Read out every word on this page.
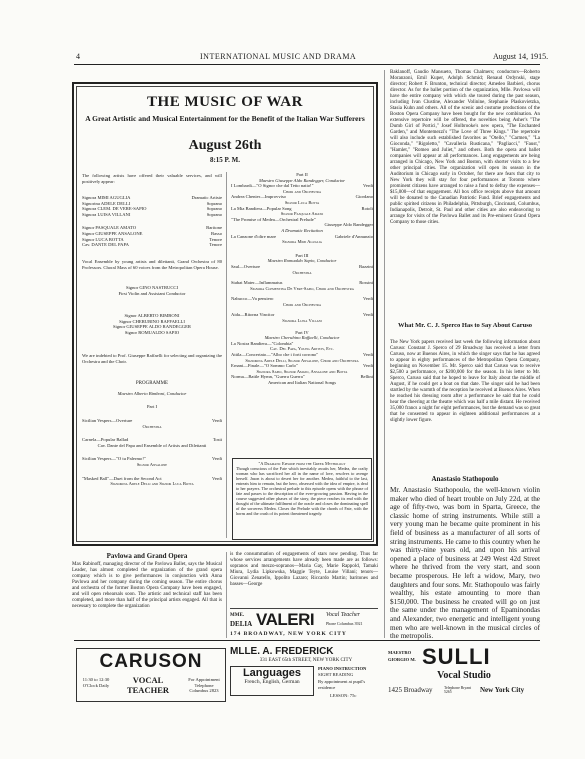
4	INTERNATIONAL MUSIC AND DRAMA	August 14, 1915.
THE MUSIC OF WAR
A Great Artistic and Musical Entertainment for the Benefit of the Italian War Sufferers
August 26th
8:15 P. M.
The following artists have offered their valuable services, and will positively appear:
Signora MIMI AGUGLIA	Dramatic Artiste
Signorina ADELE DELLI	Soprano
Signora CLEM. DE VERE-SAPIO	Soprano
Signora LUISA VILLANI	Soprano
Signor PASQUALE AMATO	Baritone
Signor GIUSEPPE ANSALONE	Basso
Signor LUCA BOTTA	Tenore
Cav. DANTE DEL PAPA	Tenore
Vocal Ensemble by young artists and dilettanti, Grand Orchestra of 80 Professors. Choral Mass of 60 voices from the Metropolitan Opera House.
Signor GINO NASTRUCCI
First Violin and Assistant Conductor
Signor ALBERTO BIMBONI
Signor CHERUBINO RAFFAELLI
Signor GIUSEPPE ALDO RANDEGGER
Signor ROMUALDO SAPIO
We are indebted to Prof. Giuseppe Raffaelli for selecting and organizing the Orchestra and the Choir.
PROGRAMME
Maestro Alberto Bimboni, Conductor
Part I
Sicilian Vespers—Overture	Verdi
Orchestra
Carnela—Popular Ballad	Tosti
Cav. Dante del Papa and Ensemble of Artists and Dilettanti
Sicilian Vespers—"O tu Palermo!"	Verdi
Signor Ansalone
"Masked Ball"—Duet from the Second Act	Verdi
Signorina Adele Delli and Signor Luca Botta
Part II
Maestro Giuseppe Aldo Randegger, Conductor
I Lombardi—"O Signor che dal Tetto natio!"	Verdi
Choir and Orchestra
Andrea Chenier—Improvviso	Giordano
Signor Luca Botta
La Mia Bandiera—Popular Song	Rotoli
Signor Pasquale Amato
"The Promise of Medea—Orchestral Prelude"
Giuseppe Aldo Randegger
A Dramatic Recitation
La Canzone d'oltre mare	Gabriele d'Annunzio
Signora Mimi Aguglia
Part III
Maestro Romualdo Sapio, Conductor
Saul—Overture	Bazzini
Orchestra
Stabat Mater—Inflammatus	Rossini
Signora Clementina De Vere-Sapio, Choir and Orchestra
Nabucco—Va pensiero	Verdi
Choir and Orchestra
Aida—Ritorna Vincitor	Verdi
Signora Luisa Villani
Part IV
Maestro Cherubino Raffaelli, Conductor
La Nostra Bandiera—"Colombia"
Cav. Del Papa, Young Artists, Etc.
Attila—Concertato—"Albo che i forti corrono"	Verdi
Signorina Adele Delli, Signor Ansalone, Choir and Orchestra
Ernani—Finale—"O Sommo Carlo"	Verdi
Signora Sapio, Signor Amato, Ansalone and Botta
Norma—Battle Hymn, "Guerra Guerra"	Bellini
American and Italian National Songs
"A Dramatic Episode from the Greek Mythology
Though conscious of the Fate which inevitably awaits her, Medea, the crafty woman who has sacrificed her all in the name of love, resolves to avenge herself. Jason is about to desert her for another. Medea, faithful to the last, entreats him to remain, but the hero, obsessed with the idea of empire, is deaf to her prayers. The orchestral prelude to this episode opens with the phrase of fate and passes to the description of the ever-growing passion. Having in the course suggested other phases of the story, the piece reaches its end with the thought of the ultimate fulfilment of the oracle and closes the dominating spell of the sorceress Medea. Closes the Prelude with the chords of Fate, with the horns and the crash of its potent threatened tragedy.
Pavlowa and Grand Opera
Max Rabinoff, managing director of the Pavlowa Ballet, says the Musical Leader, has almost completed the organization of the grand opera company which is to give performances in conjunction with Anna Pavlowa and her company during the coming season. The entire chorus and orchestra of the former Boston Opera Company have been engaged, and will open rehearsals soon. The artistic and technical staff has been completed, and more than half of the principal artists engaged. All that is necessary to complete the organization
is the consummation of engagements of stars now pending. Thus far whose services arrangements have already been made are as follows: sopranos and mezzo-sopranos—Maria Gay, Marie Rappold, Tamaki Miura, Lydia Lipkowska, Maggie Teyte, Louise Villani; tenors—Giovanni Zenatello, Ippolito Lazaro; Riccardo Martin; baritones and basses—George
MME.
DELIA VALERI Vocal Teacher
Phone Columbus 3921
174 BROADWAY, NEW YORK CITY
Baklanoff, Gaudio Mansueto, Thomas Chalmers; conductors—Roberto Moranzoni, Emil Kuper, Adolph Schmid; Renaud Ordynski, stage director; Robert F. Brunton, technical director; Amedeo Barbieri, chorus director. As for the ballet portion of the organization, Mlle. Pavlowa will have the entire company with which she toured during the past season, including Ivan Clustine, Alexander Volinine, Stephanie Plaskovietzka, Stasia Kuhn and others. All of the scenic and costume productions of the Boston Opera Company have been bought for the new combination. An extensive repertoire will be offered, the novelties being Asher's "The Dumb Girl of Portici," Josef Holbrooke's new opera, "The Enchanted Garden," and Montemezzi's "The Love of Three Kings." The repertoire will also include such established favorites as "Otello," "Carmen," "La Gioconda," "Rigoletto," "Cavalleria Rusticana," "Pagliacci," "Faust," "Hamlet," "Romeo and Juliet," and others. Both the opera and ballet companies will appear at all performances. Long engagements are being arranged in Chicago, New York and Boston, with shorter visits to a few other principal cities. The organization will open its season in the Auditorium in Chicago early in October, for there are fears that city to New York they will stay for four performances at Toronto where prominent citizens have arranged to raise a fund to defray the expenses—$15,000—of that engagement. All box office receipts above that amount will be donated to the Canadian Patriotic Fund. Brief engagements and public spirited citizens in Philadelphia, Pittsburgh, Cincinnati, Columbus, Indianapolis, Detroit, St. Paul and other cities are also endeavoring to arrange for visits of the Pavlowa Ballet and its Pre-eminent Grand Opera Company to those cities.
What Mr. C. J. Sperco Has to Say About Caruso
The New York papers received last week the following information about Caruso: Constant J. Sperco of 29 Broadway has received a letter from Caruso, now at Buenos Aires, in which the singer says that he has agreed to appear in eighty performances of the Metropolitan Opera Company, beginning on November 15. Mr. Sperco said that Caruso was to receive $2,500 a performance, or $200,000 for the season. In his letter to Mr. Sperco, Caruso said that he hoped to leave for Italy about the middle of August, if he could get a boat on that date. The singer said he had been startled by the warmth of the reception he received at Buenos Aires. When he reached his dressing room after a performance he said that he could hear the cheering at the theatre which was half a mile distant. He received 35,000 francs a night for eight performances, but the demand was so great that he consented to appear in eighteen additional performances at a slightly lower figure.
Anastasio Stathopoulo
Mr. Anastasio Stathopoulo, the well-known violin maker who died of heart trouble on July 22d, at the age of fifty-two, was born in Sparta, Greece, the classic home of string instruments. While still a very young man he became quite prominent in his field of business as a manufacturer of all sorts of string instruments. He came to this country when he was thirty-nine years old, and upon his arrival opened a place of business at 249 West 42d Street where he thrived from the very start, and soon became prosperous. He left a widow, Mary, two daughters and four sons. Mr. Stathopoulo was fairly wealthy, his estate amounting to more than $150,000. The business he created will go on just the same under the management of Epaminondas and Alexander, two energetic and intelligent young men who are well-known in the musical circles of the metropolis.
CARUSON
11:30 to 12:30 O'Clock Daily
VOCAL TEACHER
For Appointment Telephone Columbus 2823
MLLE. A. FREDERICK
331 EAST 65th STREET, NEW YORK CITY
Languages
French, English, German
PIANO INSTRUCTION
SIGHT READING
By appointment at pupil's residence
LESSON: 75c
MAESTRO
GIORGIO M. SULLI
Vocal Studio
1425 Broadway	Telephone Bryant 5265	New York City
